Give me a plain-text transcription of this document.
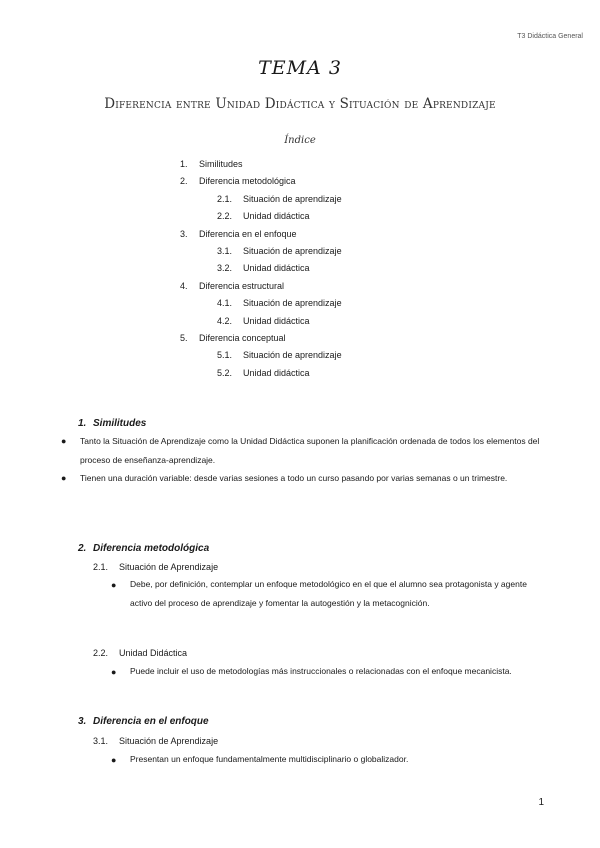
T3 Didáctica General
TEMA 3
Diferencia entre Unidad Didáctica y Situación de Aprendizaje
Índice
1. Similitudes
2. Diferencia metodológica
2.1. Situación de aprendizaje
2.2. Unidad didáctica
3. Diferencia en el enfoque
3.1. Situación de aprendizaje
3.2. Unidad didáctica
4. Diferencia estructural
4.1. Situación de aprendizaje
4.2. Unidad didáctica
5. Diferencia conceptual
5.1. Situación de aprendizaje
5.2. Unidad didáctica
1. Similitudes
● Tanto la Situación de Aprendizaje como la Unidad Didáctica suponen la planificación ordenada de todos los elementos del proceso de enseñanza-aprendizaje.
● Tienen una duración variable: desde varias sesiones a todo un curso pasando por varias semanas o un trimestre.
2. Diferencia metodológica
2.1. Situación de Aprendizaje
● Debe, por definición, contemplar un enfoque metodológico en el que el alumno sea protagonista y agente activo del proceso de aprendizaje y fomentar la autogestión y la metacognición.
2.2. Unidad Didáctica
● Puede incluir el uso de metodologías más instruccionales o relacionadas con el enfoque mecanicista.
3. Diferencia en el enfoque
3.1. Situación de Aprendizaje
● Presentan un enfoque fundamentalmente multidisciplinario o globalizador.
1
